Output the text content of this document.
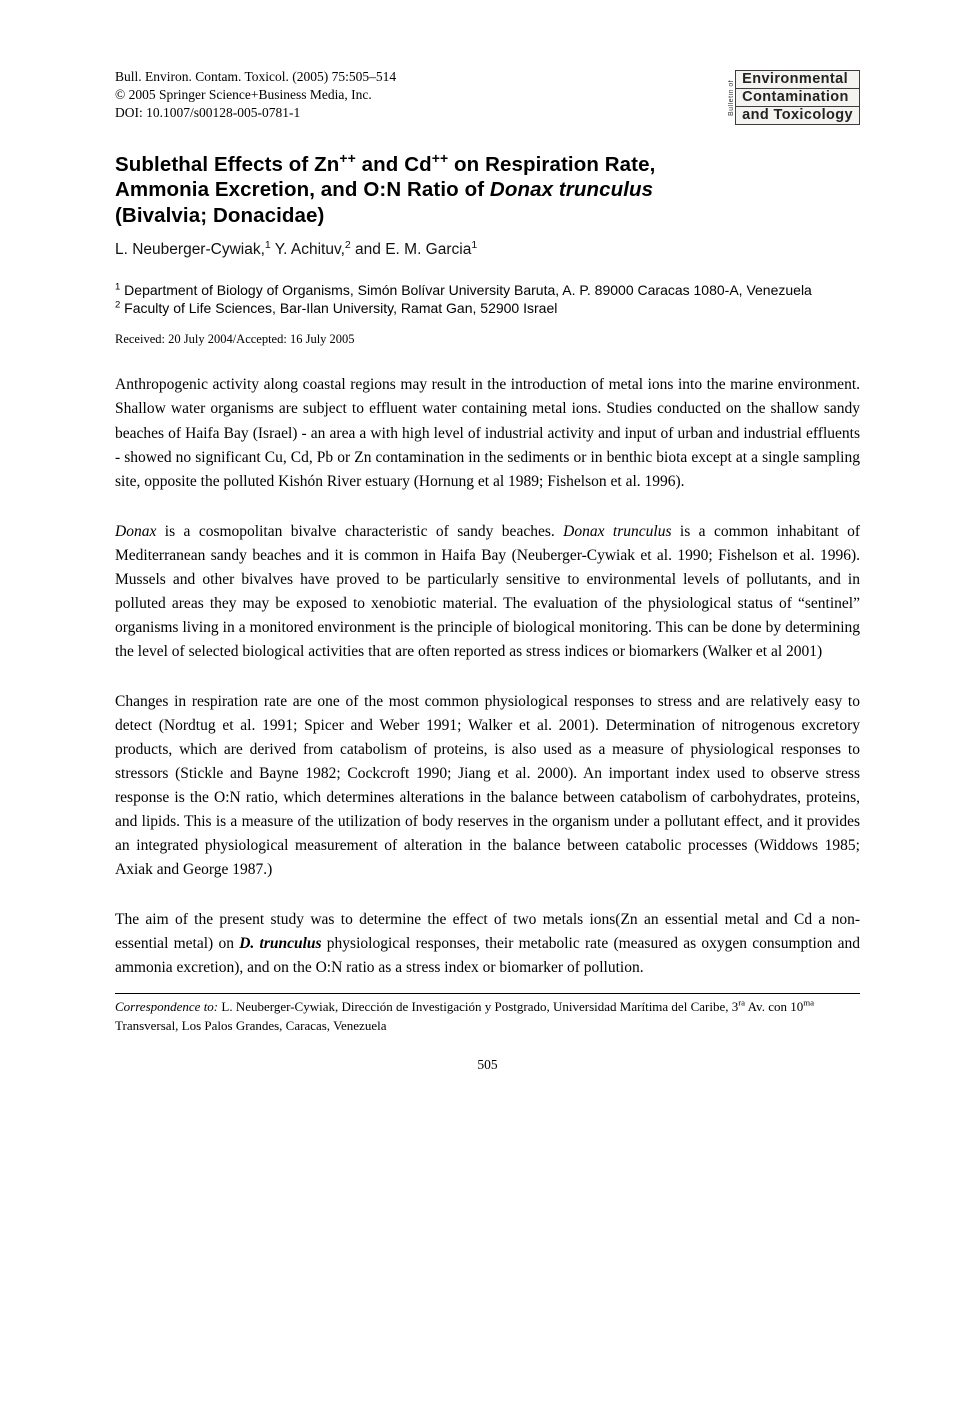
Bull. Environ. Contam. Toxicol. (2005) 75:505–514
© 2005 Springer Science+Business Media, Inc.
DOI: 10.1007/s00128-005-0781-1	Bulletin of
Environmental
Contamination
and Toxicology
Sublethal Effects of Zn++ and Cd++ on Respiration Rate,
Ammonia Excretion, and O:N Ratio of Donax trunculus
(Bivalvia; Donacidae)
L. Neuberger-Cywiak,$^1$ Y. Achituv,$^2$ and E. M. Garcia$^1$
$^1$ Department of Biology of Organisms, Simón Bolívar University Baruta, A. P. 89000 Caracas 1080-A, Venezuela
$^2$ Faculty of Life Sciences, Bar-Ilan University, Ramat Gan, 52900 Israel
Received: 20 July 2004/Accepted: 16 July 2005

Anthropogenic activity along coastal regions may result in the introduction of metal ions into the marine environment. Shallow water organisms are subject to effluent water containing metal ions. Studies conducted on the shallow sandy beaches of Haifa Bay (Israel) - an area a with high level of industrial activity and input of urban and industrial effluents - showed no significant Cu, Cd, Pb or Zn contamination in the sediments or in benthic biota except at a single sampling site, opposite the polluted Kishón River estuary (Hornung et al 1989; Fishelson et al. 1996).

Donax is a cosmopolitan bivalve characteristic of sandy beaches. Donax trunculus is a common inhabitant of Mediterranean sandy beaches and it is common in Haifa Bay (Neuberger-Cywiak et al. 1990; Fishelson et al. 1996). Mussels and other bivalves have proved to be particularly sensitive to environmental levels of pollutants, and in polluted areas they may be exposed to xenobiotic material. The evaluation of the physiological status of “sentinel” organisms living in a monitored environment is the principle of biological monitoring. This can be done by determining the level of selected biological activities that are often reported as stress indices or biomarkers (Walker et al 2001)

Changes in respiration rate are one of the most common physiological responses to stress and are relatively easy to detect (Nordtug et al. 1991; Spicer and Weber 1991; Walker et al. 2001). Determination of nitrogenous excretory products, which are derived from catabolism of proteins, is also used as a measure of physiological responses to stressors (Stickle and Bayne 1982; Cockcroft 1990; Jiang et al. 2000). An important index used to observe stress response is the O:N ratio, which determines alterations in the balance between catabolism of carbohydrates, proteins, and lipids. This is a measure of the utilization of body reserves in the organism under a pollutant effect, and it provides an integrated physiological measurement of alteration in the balance between catabolic processes (Widdows 1985; Axiak and George 1987.)

The aim of the present study was to determine the effect of two metals ions(Zn an essential metal and Cd a non-essential metal) on D. trunculus physiological responses, their metabolic rate (measured as oxygen consumption and ammonia excretion), and on the O:N ratio as a stress index or biomarker of pollution.

Correspondence to: L. Neuberger-Cywiak, Dirección de Investigación y Postgrado, Universidad Marítima del Caribe, $3^{ra}$ Av. con $10^{ma}$ Transversal, Los Palos Grandes, Caracas, Venezuela
505
